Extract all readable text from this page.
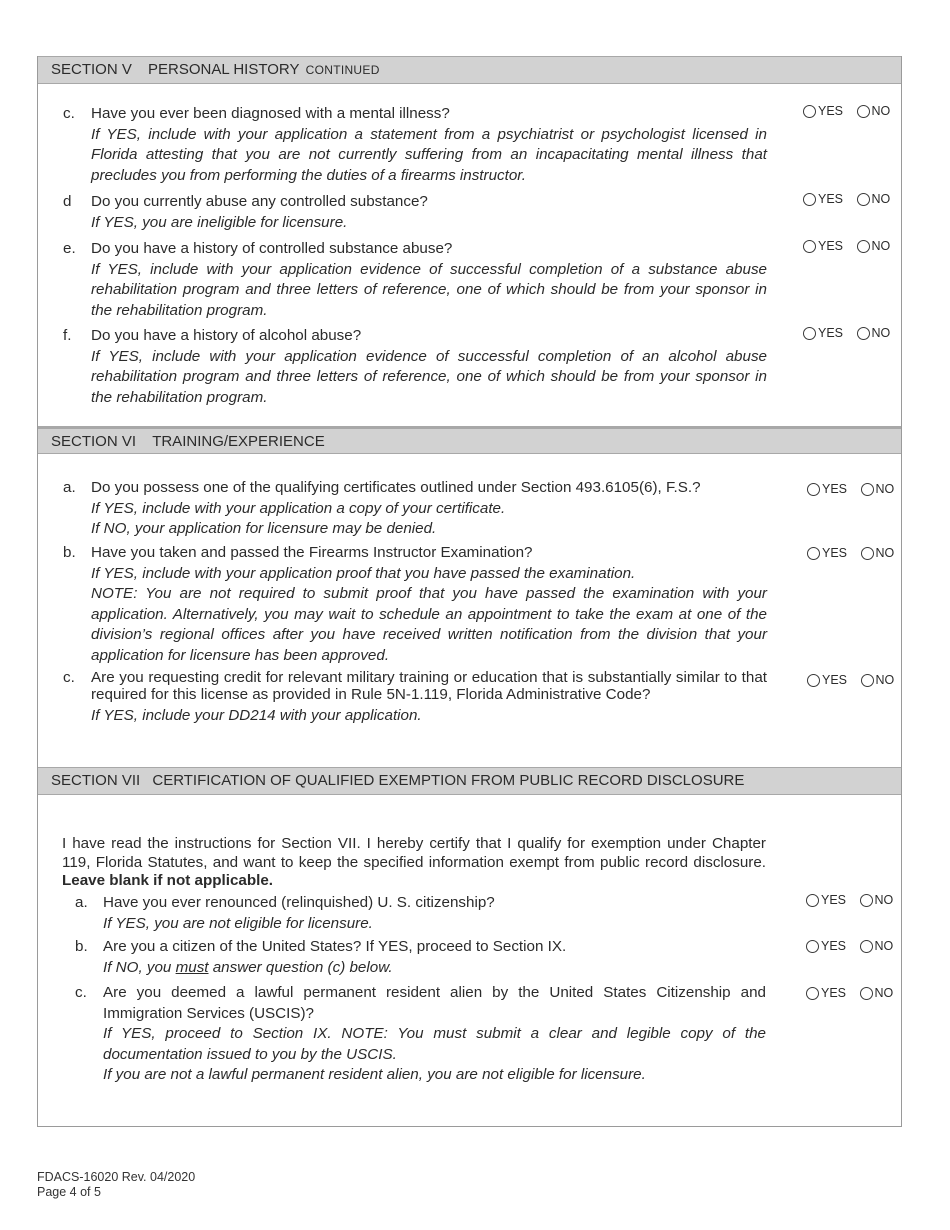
SECTION V PERSONAL HISTORY CONTINUED
c. Have you ever been diagnosed with a mental illness?
If YES, include with your application a statement from a psychiatrist or psychologist licensed in Florida attesting that you are not currently suffering from an incapacitating mental illness that precludes you from performing the duties of a firearms instructor.
YES
NO
d Do you currently abuse any controlled substance?
If YES, you are ineligible for licensure.
YES
NO
e. Do you have a history of controlled substance abuse?
If YES, include with your application evidence of successful completion of a substance abuse rehabilitation program and three letters of reference, one of which should be from your sponsor in the rehabilitation program.
YES
NO
f. Do you have a history of alcohol abuse?
If YES, include with your application evidence of successful completion of an alcohol abuse rehabilitation program and three letters of reference, one of which should be from your sponsor in the rehabilitation program.
YES
NO
SECTION VI TRAINING/EXPERIENCE
a. Do you possess one of the qualifying certificates outlined under Section 493.6105(6), F.S.?
If YES, include with your application a copy of your certificate.
If NO, your application for licensure may be denied.
YES
NO
b. Have you taken and passed the Firearms Instructor Examination?
If YES, include with your application proof that you have passed the examination.
NOTE: You are not required to submit proof that you have passed the examination with your application. Alternatively, you may wait to schedule an appointment to take the exam at one of the division’s regional offices after you have received written notification from the division that your application for licensure has been approved.
YES
NO
c. Are you requesting credit for relevant military training or education that is substantially similar to that required for this license as provided in Rule 5N-1.119, Florida Administrative Code?
If YES, include your DD214 with your application.
YES
NO
SECTION VII CERTIFICATION OF QUALIFIED EXEMPTION FROM PUBLIC RECORD DISCLOSURE
I have read the instructions for Section VII. I hereby certify that I qualify for exemption under Chapter 119, Florida Statutes, and want to keep the specified information exempt from public record disclosure. Leave blank if not applicable.
a. Have you ever renounced (relinquished) U. S. citizenship?
If YES, you are not eligible for licensure.
YES
NO
b. Are you a citizen of the United States? If YES, proceed to Section IX.
If NO, you must answer question (c) below.
YES
NO
c. Are you deemed a lawful permanent resident alien by the United States Citizenship and Immigration Services (USCIS)?
If YES, proceed to Section IX. NOTE: You must submit a clear and legible copy of the documentation issued to you by the USCIS.
If you are not a lawful permanent resident alien, you are not eligible for licensure.
YES
NO
FDACS-16020 Rev. 04/2020
Page 4 of 5
